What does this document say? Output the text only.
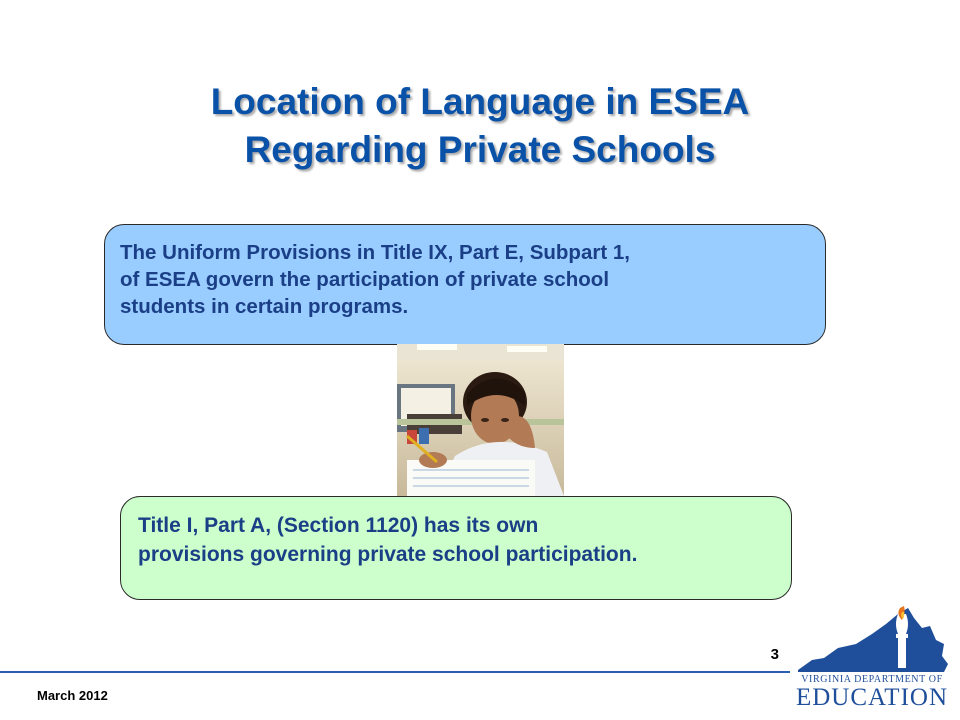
Location of Language in ESEA
Regarding Private Schools
The Uniform Provisions in Title IX, Part E, Subpart 1,
of ESEA govern the participation of private school
students in certain programs.
Title I, Part A, (Section 1120) has its own
provisions governing private school participation.
3
March 2012
VIRGINIA DEPARTMENT OF
EDUCATION
